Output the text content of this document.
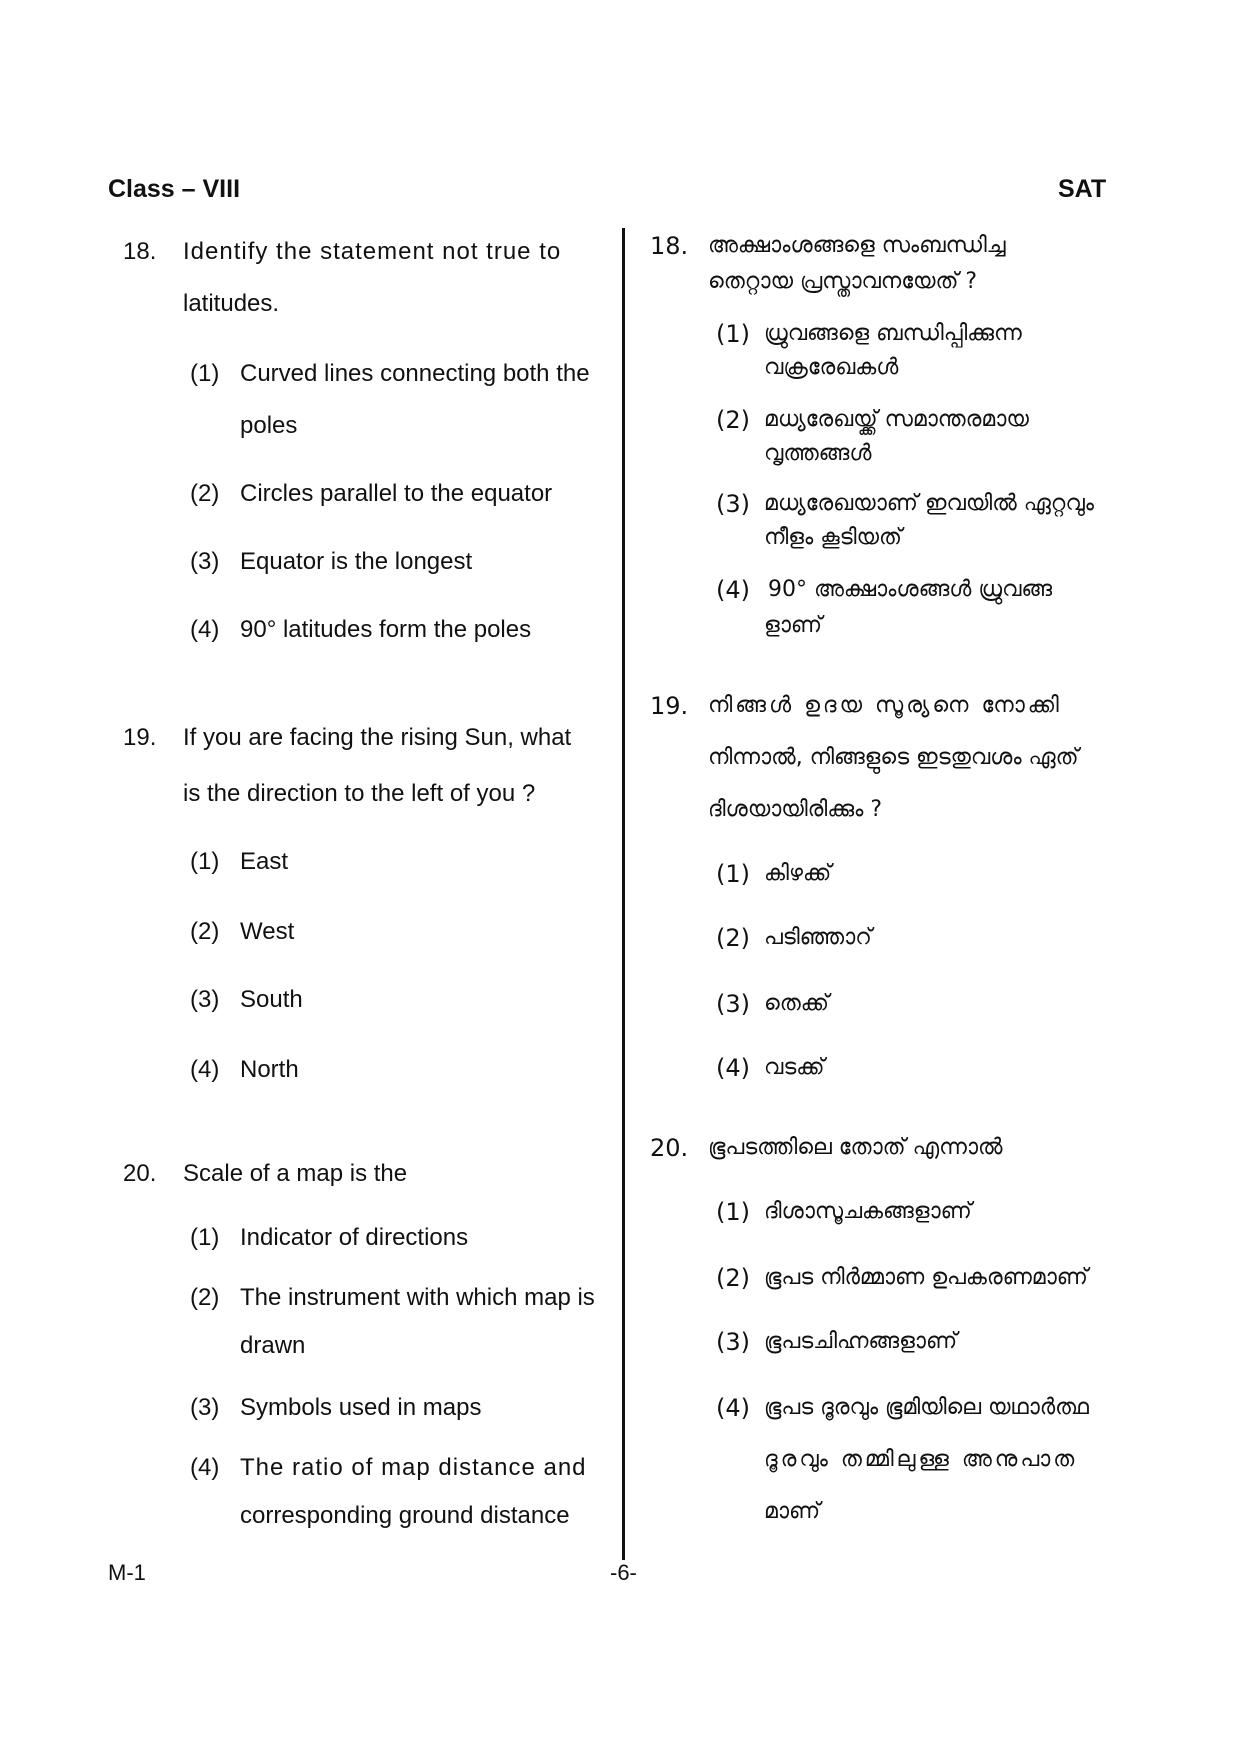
Class – VIII	SAT
18. Identify the statement not true to
latitudes.
(1) Curved lines connecting both the
poles
(2) Circles parallel to the equator
(3) Equator is the longest
(4) 90° latitudes form the poles
19. If you are facing the rising Sun, what
is the direction to the left of you ?
(1) East
(2) West
(3) South
(4) North
20. Scale of a map is the
(1) Indicator of directions
(2) The instrument with which map is
drawn
(3) Symbols used in maps
(4) The ratio of map distance and
corresponding ground distance
18. അക്ഷാംശങ്ങളെ സംബന്ധിച്ച
തെറ്റായ പ്രസ്താവനയേത് ?
(1) ധ്രുവങ്ങളെ ബന്ധിപ്പിക്കുന്ന
വക്രരേഖകൾ
(2) മധ്യരേഖയ്ക്ക് സമാന്തരമായ
വൃത്തങ്ങൾ
(3) മധ്യരേഖയാണ് ഇവയിൽ ഏറ്റവും
നീളം കൂടിയത്
(4) 90° അക്ഷാംശങ്ങൾ ധ്രുവങ്ങ
ളാണ്
19. നിങ്ങൾ ഉദയ സൂര്യനെ നോക്കി
നിന്നാൽ, നിങ്ങളുടെ ഇടതുവശം ഏത്
ദിശയായിരിക്കും ?
(1) കിഴക്ക്
(2) പടിഞ്ഞാറ്
(3) തെക്ക്
(4) വടക്ക്
20. ഭൂപടത്തിലെ തോത് എന്നാൽ
(1) ദിശാസൂചകങ്ങളാണ്
(2) ഭൂപട നിർമ്മാണ ഉപകരണമാണ്
(3) ഭൂപടചിഹ്നങ്ങളാണ്
(4) ഭൂപട ദൂരവും ഭൂമിയിലെ യഥാർത്ഥ
ദൂരവും തമ്മിലുള്ള അനുപാത
മാണ്
M-1	-6-
